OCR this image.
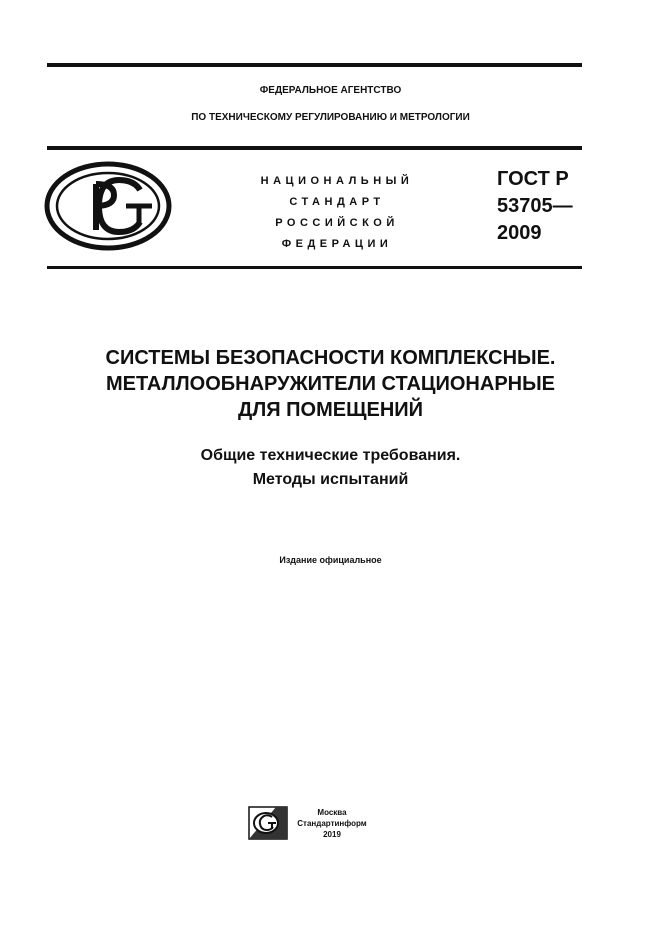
ФЕДЕРАЛЬНОЕ АГЕНТСТВО
ПО ТЕХНИЧЕСКОМУ РЕГУЛИРОВАНИЮ И МЕТРОЛОГИИ
НАЦИОНАЛЬНЫЙ
СТАНДАРТ
РОССИЙСКОЙ
ФЕДЕРАЦИИ
ГОСТ Р
53705—
2009
СИСТЕМЫ БЕЗОПАСНОСТИ КОМПЛЕКСНЫЕ.
МЕТАЛЛООБНАРУЖИТЕЛИ СТАЦИОНАРНЫЕ
ДЛЯ ПОМЕЩЕНИЙ
Общие технические требования.
Методы испытаний
Издание официальное
Москва
Стандартинформ
2019
